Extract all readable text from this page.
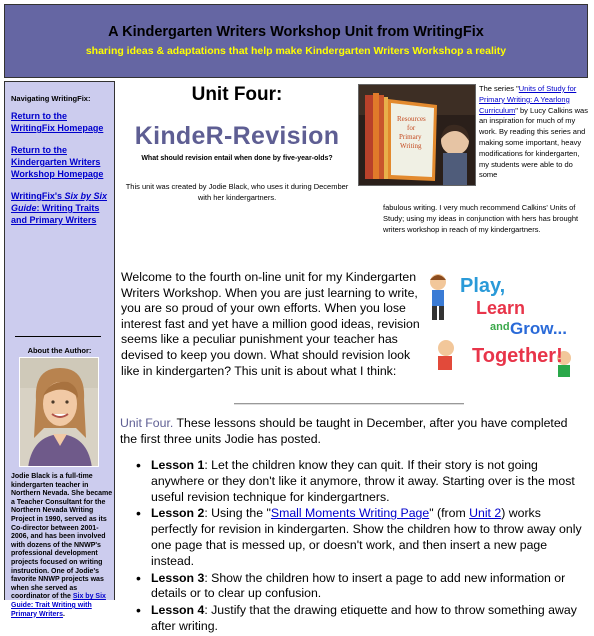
A Kindergarten Writers Workshop Unit from WritingFix
sharing ideas & adaptations that help make Kindergarten Writers Workshop a reality
Navigating WritingFix:
Return to the WritingFix Homepage
Return to the Kindergarten Writers Workshop Homepage
WritingFix's Six by Six Guide: Writing Traits and Primary Writers
About the Author:
Jodie Black is a full-time kindergarten teacher in Northern Nevada. She became a Teacher Consultant for the Northern Nevada Writing Project in 1990, served as its Co-director between 2001-2006, and has been involved with dozens of the NNWP's professional development projects focused on writing instruction. One of Jodie's favorite NNWP projects was when she served as coordinator of the Six by Six Guide: Trait Writing with Primary Writers.
Unit Four:
KindeR-Revision
What should revision entail when done by five-year-olds?
This unit was created by Jodie Black, who uses it during December with her kindergartners.
Resources
for
Primary
Writing
The series "Units of Study for Primary Writing: A Yearlong Curriculum" by Lucy Calkins was an inspiration for much of my work. By reading this series and making some important, heavy modifications for kindergarten, my students were able to do some
fabulous writing. I very much recommend Calkins' Units of Study; using my ideas in conjunction with hers has brought writers workshop in reach of my kindergartners.
Welcome to the fourth on-line unit for my Kindergarten Writers Workshop. When you are just learning to write, you are so proud of your own efforts. When you lose interest fast and yet have a million good ideas, revision seems like a peculiar punishment your teacher has devised to keep you down. What should revision look like in kindergarten? This unit is about what I think:
Play,
Learn
and Grow...
Together!
Unit Four. These lessons should be taught in December, after you have completed the first three units Jodie has posted.
• Lesson 1: Let the children know they can quit. If their story is not going anywhere or they don't like it anymore, throw it away. Starting over is the most useful revision technique for kindergartners.
• Lesson 2: Using the "Small Moments Writing Page" (from Unit 2) works perfectly for revision in kindergarten. Show the children how to throw away only one page that is messed up, or doesn't work, and then insert a new page instead.
• Lesson 3: Show the children how to insert a page to add new information or details or to clear up confusion.
• Lesson 4: Justify that the drawing etiquette and how to throw something away after writing.
